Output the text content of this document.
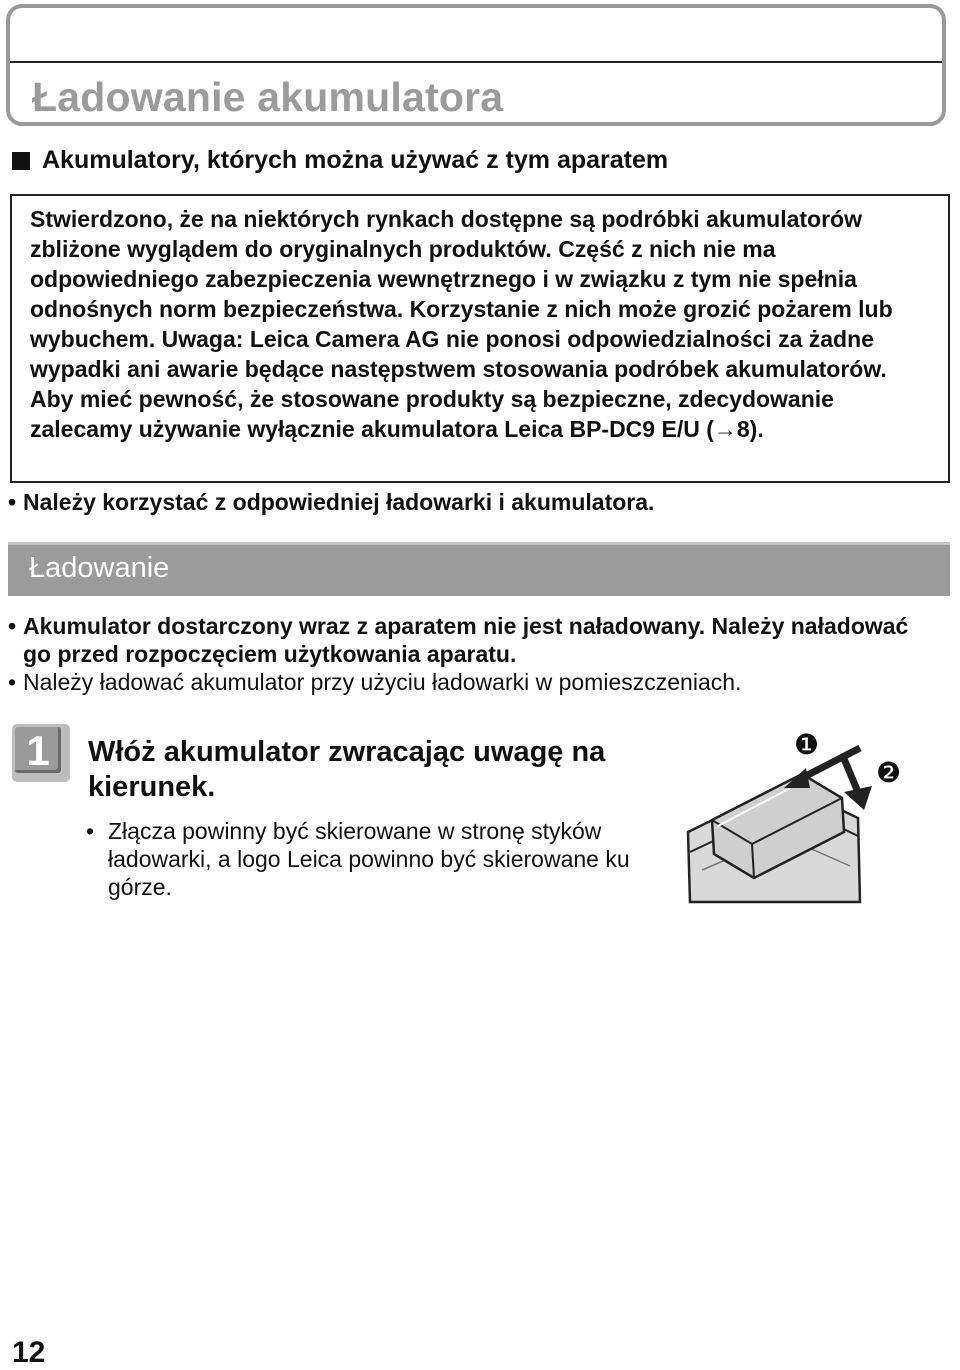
Ładowanie akumulatora
Akumulatory, których można używać z tym aparatem
Stwierdzono, że na niektórych rynkach dostępne są podróbki akumulatorów zbliżone wyglądem do oryginalnych produktów. Część z nich nie ma odpowiedniego zabezpieczenia wewnętrznego i w związku z tym nie spełnia odnośnych norm bezpieczeństwa. Korzystanie z nich może grozić pożarem lub wybuchem. Uwaga: Leica Camera AG nie ponosi odpowiedzialności za żadne wypadki ani awarie będące następstwem stosowania podróbek akumulatorów. Aby mieć pewność, że stosowane produkty są bezpieczne, zdecydowanie zalecamy używanie wyłącznie akumulatora Leica BP-DC9 E/U (→8).
• Należy korzystać z odpowiedniej ładowarki i akumulatora.
Ładowanie
• Akumulator dostarczony wraz z aparatem nie jest naładowany. Należy naładować go przed rozpoczęciem użytkowania aparatu.
• Należy ładować akumulator przy użyciu ładowarki w pomieszczeniach.
1	Włóż akumulator zwracając uwagę na kierunek.
• Złącza powinny być skierowane w stronę styków ładowarki, a logo Leica powinno być skierowane ku górze.
❶
❷
12
